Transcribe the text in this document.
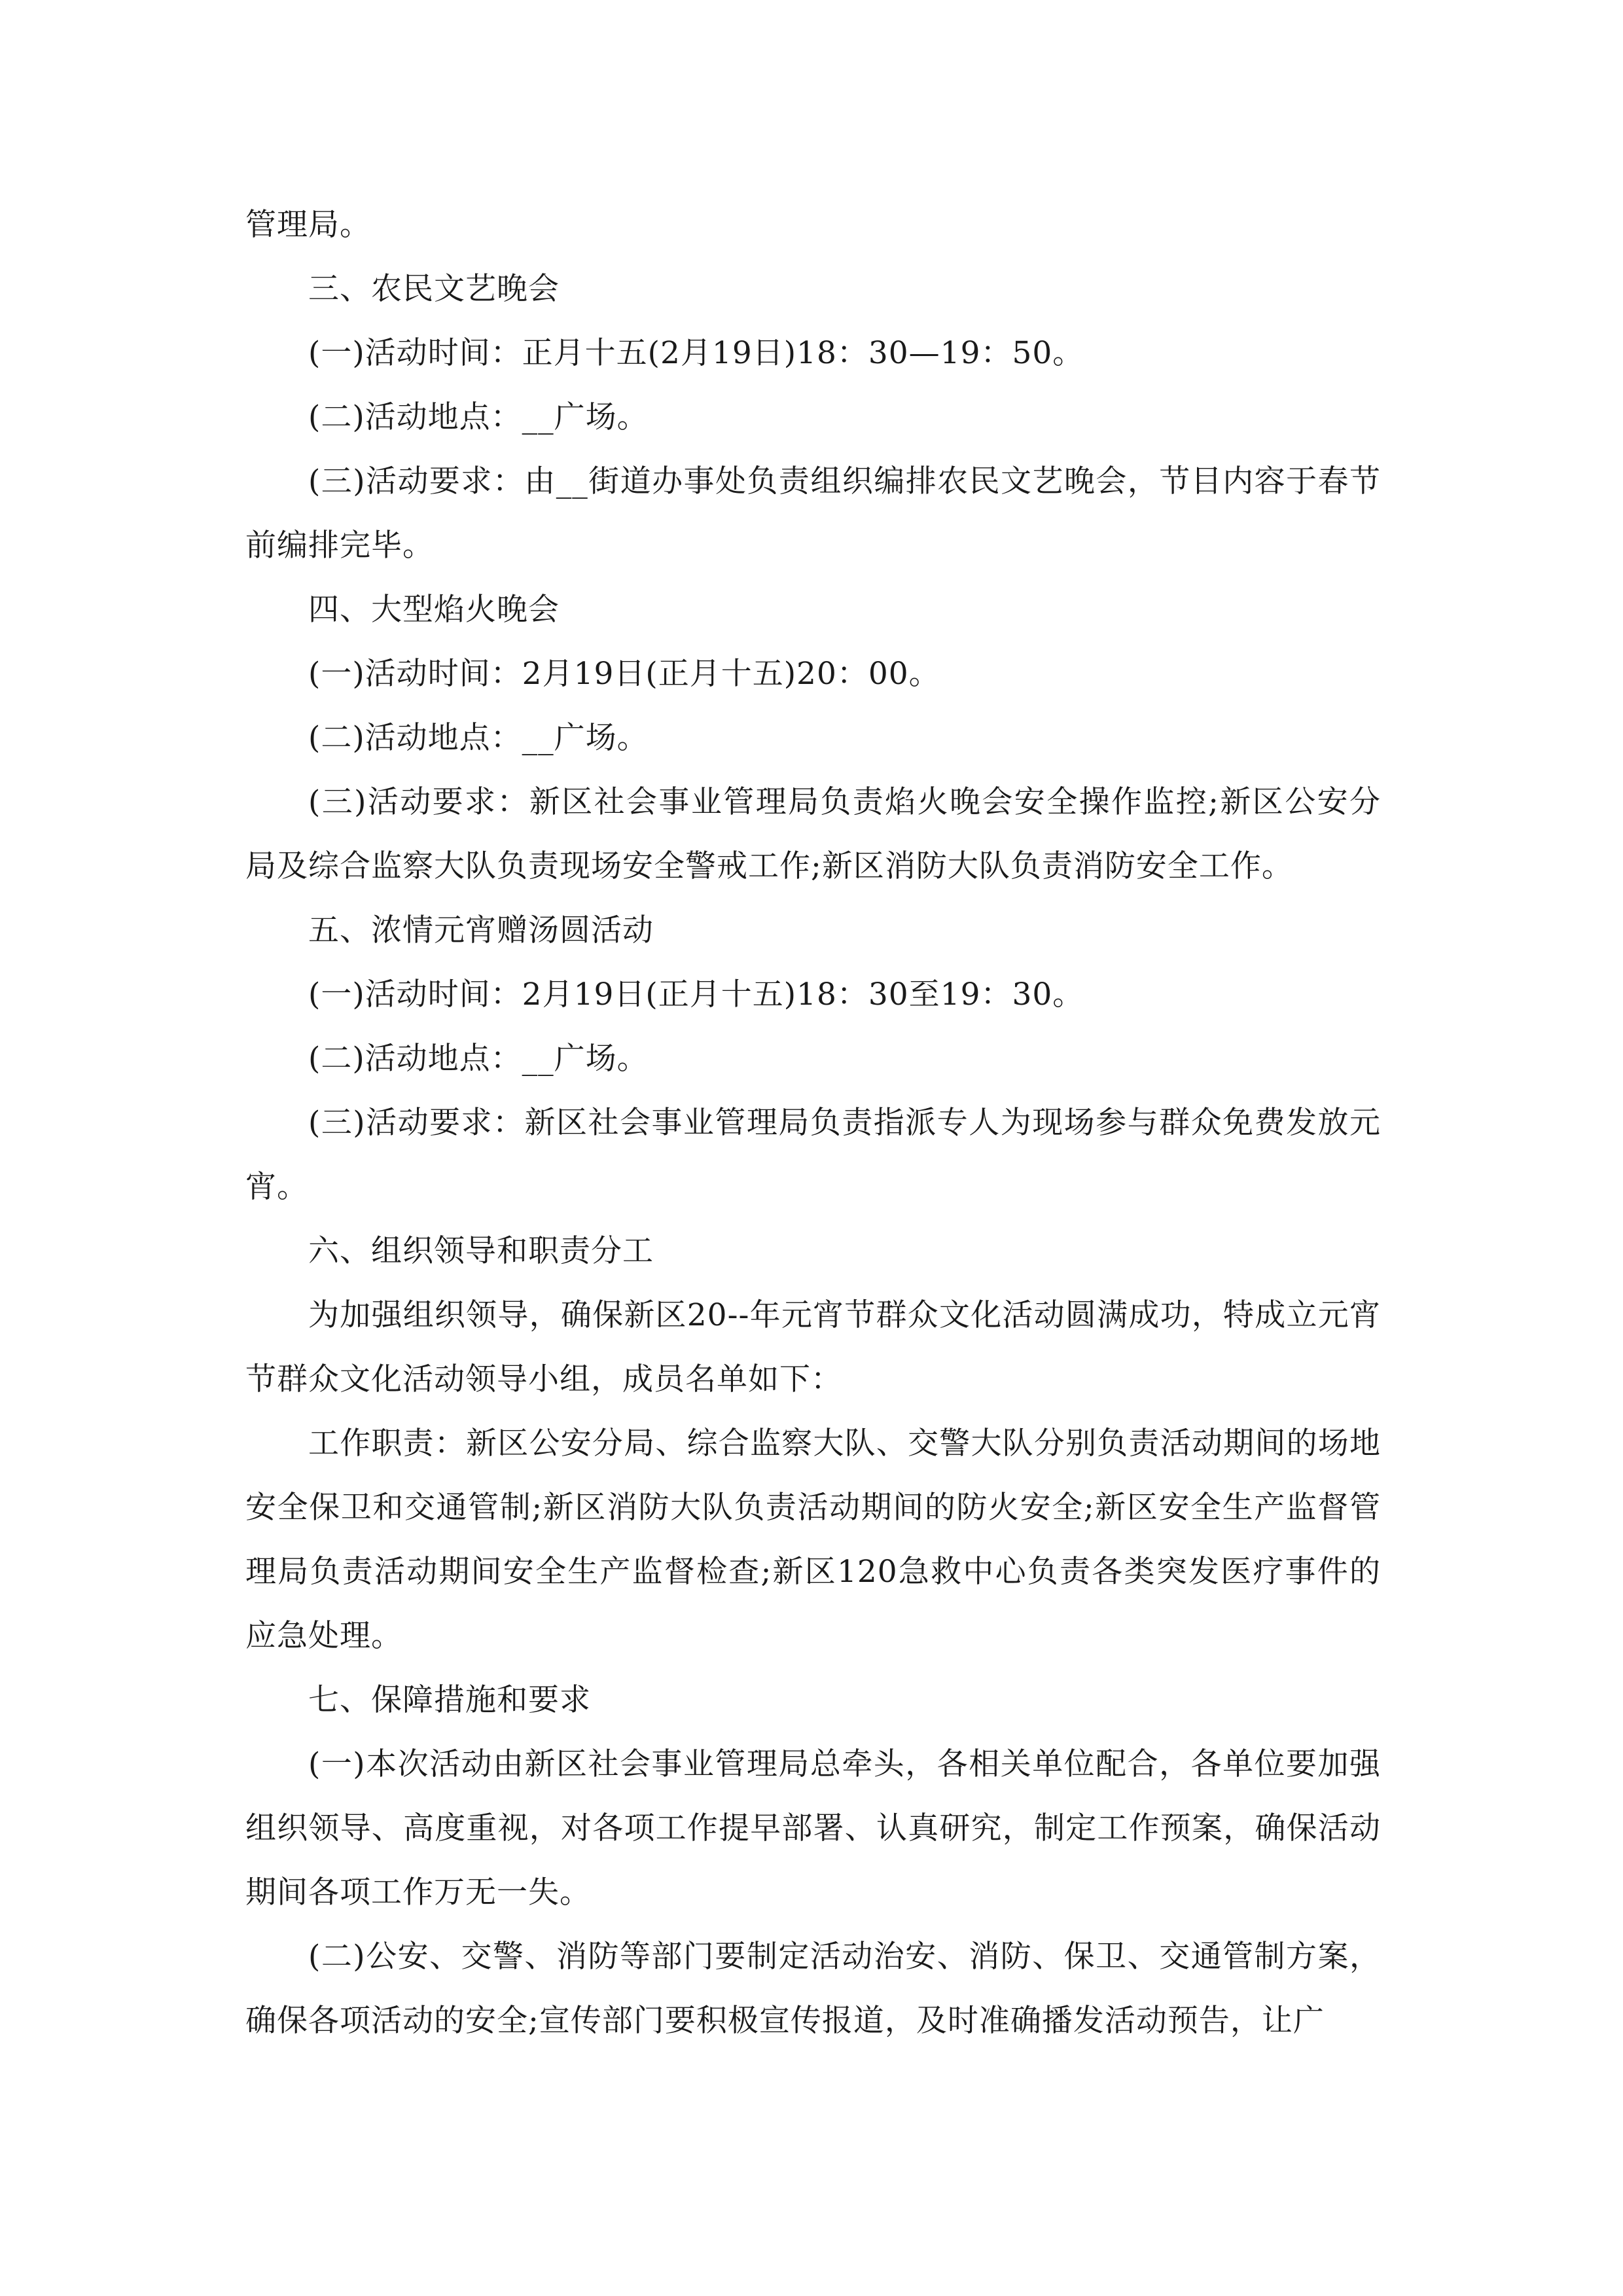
管理局。

三、农民文艺晚会

(一)活动时间：正月十五(2月19日)18：30—19：50。

(二)活动地点：__广场。

(三)活动要求：由__街道办事处负责组织编排农民文艺晚会，节目内容于春节前编排完毕。

四、大型焰火晚会

(一)活动时间：2月19日(正月十五)20：00。

(二)活动地点：__广场。

(三)活动要求：新区社会事业管理局负责焰火晚会安全操作监控;新区公安分局及综合监察大队负责现场安全警戒工作;新区消防大队负责消防安全工作。

五、浓情元宵赠汤圆活动

(一)活动时间：2月19日(正月十五)18：30至19：30。

(二)活动地点：__广场。

(三)活动要求：新区社会事业管理局负责指派专人为现场参与群众免费发放元宵。

六、组织领导和职责分工

为加强组织领导，确保新区20--年元宵节群众文化活动圆满成功，特成立元宵节群众文化活动领导小组，成员名单如下：

工作职责：新区公安分局、综合监察大队、交警大队分别负责活动期间的场地安全保卫和交通管制;新区消防大队负责活动期间的防火安全;新区安全生产监督管理局负责活动期间安全生产监督检查;新区120急救中心负责各类突发医疗事件的应急处理。

七、保障措施和要求

(一)本次活动由新区社会事业管理局总牵头，各相关单位配合，各单位要加强组织领导、高度重视，对各项工作提早部署、认真研究，制定工作预案，确保活动期间各项工作万无一失。

(二)公安、交警、消防等部门要制定活动治安、消防、保卫、交通管制方案，确保各项活动的安全;宣传部门要积极宣传报道，及时准确播发活动预告，让广
